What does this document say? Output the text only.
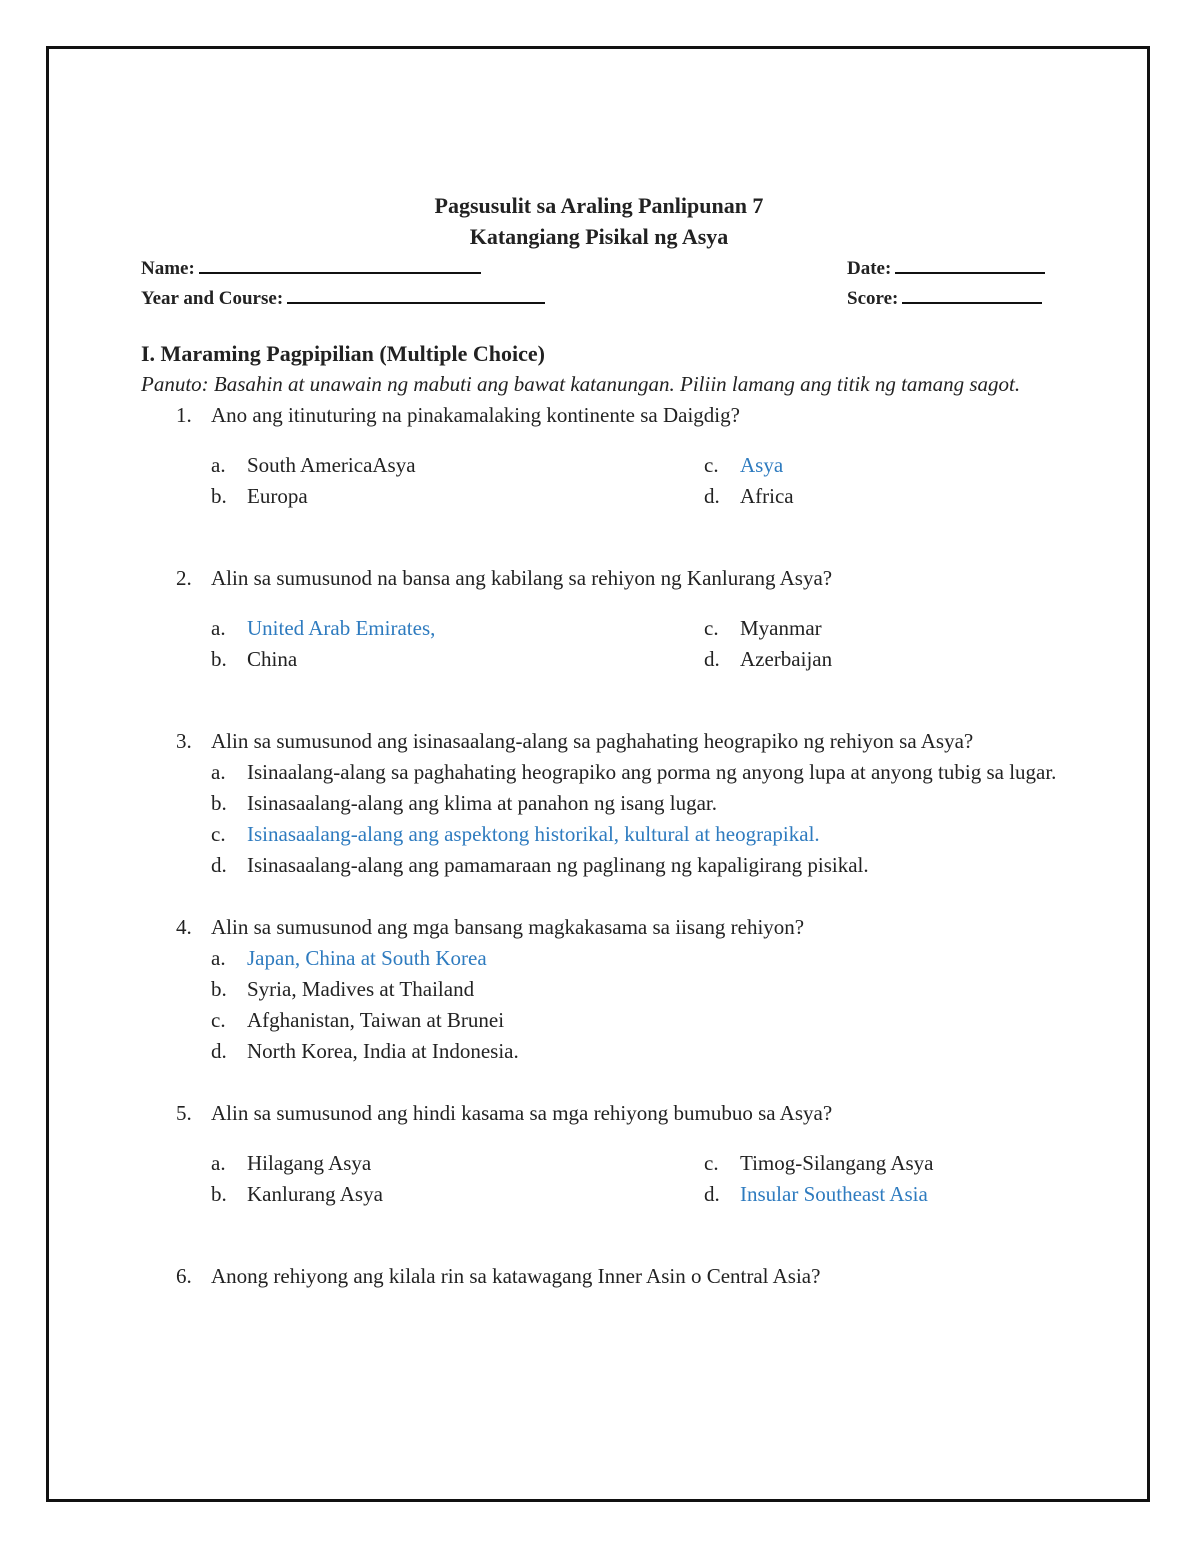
Pagsusulit sa Araling Panlipunan 7
Katangiang Pisikal ng Asya
Name:	Date:
Year and Course:	Score:
I. Maraming Pagpipilian (Multiple Choice)
Panuto: Basahin at unawain ng mabuti ang bawat katanungan. Piliin lamang ang titik ng tamang sagot.
1. Ano ang itinuturing na pinakamalaking kontinente sa Daigdig?
a. South AmericaAsya	c. Asya
b. Europa	d. Africa
2. Alin sa sumusunod na bansa ang kabilang sa rehiyon ng Kanlurang Asya?
a. United Arab Emirates,	c. Myanmar
b. China	d. Azerbaijan
3. Alin sa sumusunod ang isinasaalang-alang sa paghahating heograpiko ng rehiyon sa Asya?
a. Isinaalang-alang sa paghahating heograpiko ang porma ng anyong lupa at anyong tubig sa lugar.
b. Isinasaalang-alang ang klima at panahon ng isang lugar.
c. Isinasaalang-alang ang aspektong historikal, kultural at heograpikal.
d. Isinasaalang-alang ang pamamaraan ng paglinang ng kapaligirang pisikal.
4. Alin sa sumusunod ang mga bansang magkakasama sa iisang rehiyon?
a. Japan, China at South Korea
b. Syria, Madives at Thailand
c. Afghanistan, Taiwan at Brunei
d. North Korea, India at Indonesia.
5. Alin sa sumusunod ang hindi kasama sa mga rehiyong bumubuo sa Asya?
a. Hilagang Asya	c. Timog-Silangang Asya
b. Kanlurang Asya	d. Insular Southeast Asia
6. Anong rehiyong ang kilala rin sa katawagang Inner Asin o Central Asia?
